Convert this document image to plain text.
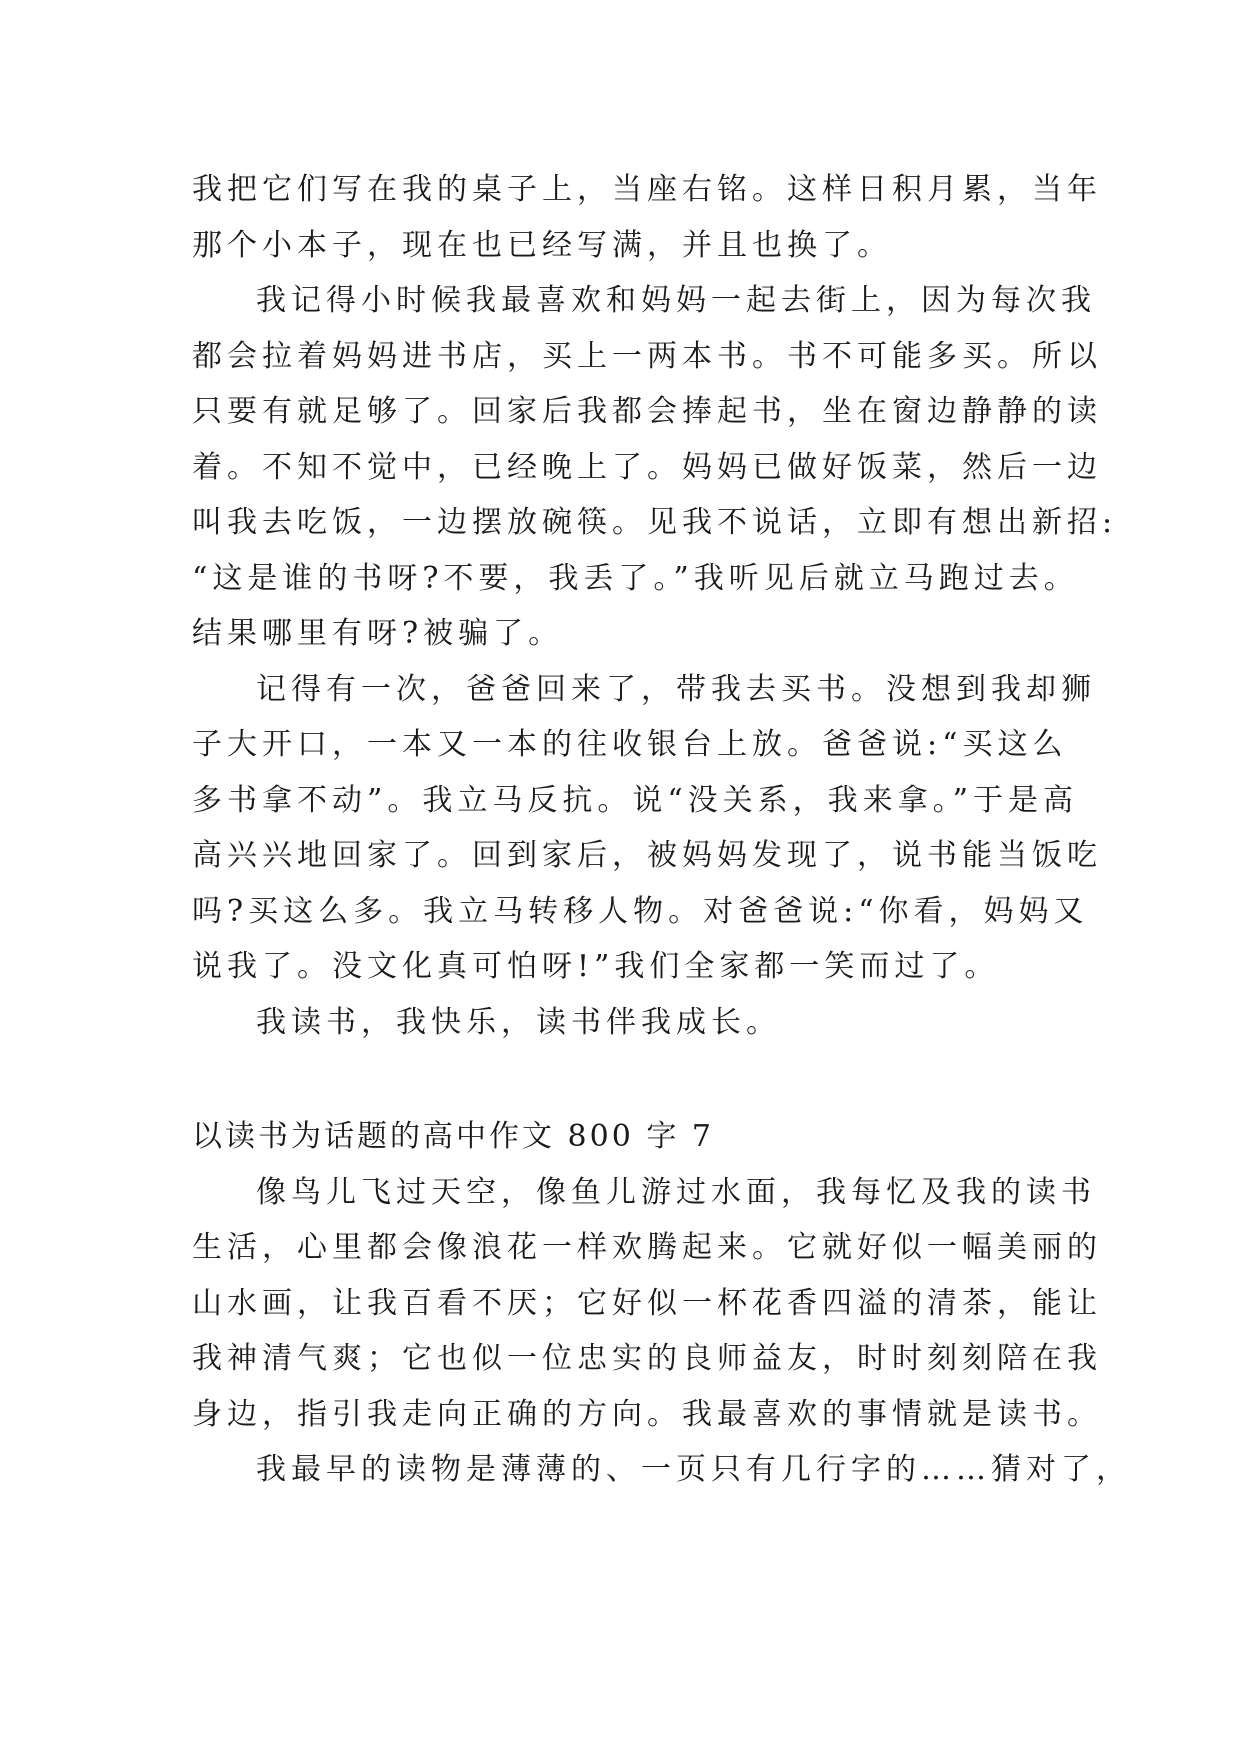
我把它们写在我的桌子上，当座右铭。这样日积月累，当年
那个小本子，现在也已经写满，并且也换了。
我记得小时候我最喜欢和妈妈一起去街上，因为每次我
都会拉着妈妈进书店，买上一两本书。书不可能多买。所以
只要有就足够了。回家后我都会捧起书，坐在窗边静静的读
着。不知不觉中，已经晚上了。妈妈已做好饭菜，然后一边
叫我去吃饭，一边摆放碗筷。见我不说话，立即有想出新招:
“这是谁的书呀?不要，我丢了。”我听见后就立马跑过去。
结果哪里有呀?被骗了。
记得有一次，爸爸回来了，带我去买书。没想到我却狮
子大开口，一本又一本的往收银台上放。爸爸说:“买这么
多书拿不动”。我立马反抗。说“没关系，我来拿。”于是高
高兴兴地回家了。回到家后，被妈妈发现了，说书能当饭吃
吗?买这么多。我立马转移人物。对爸爸说:“你看，妈妈又
说我了。没文化真可怕呀!”我们全家都一笑而过了。
我读书，我快乐，读书伴我成长。
以读书为话题的高中作文 800 字 7
像鸟儿飞过天空，像鱼儿游过水面，我每忆及我的读书
生活，心里都会像浪花一样欢腾起来。它就好似一幅美丽的
山水画，让我百看不厌；它好似一杯花香四溢的清茶，能让
我神清气爽；它也似一位忠实的良师益友，时时刻刻陪在我
身边，指引我走向正确的方向。我最喜欢的事情就是读书。
我最早的读物是薄薄的、一页只有几行字的……猜对了，
